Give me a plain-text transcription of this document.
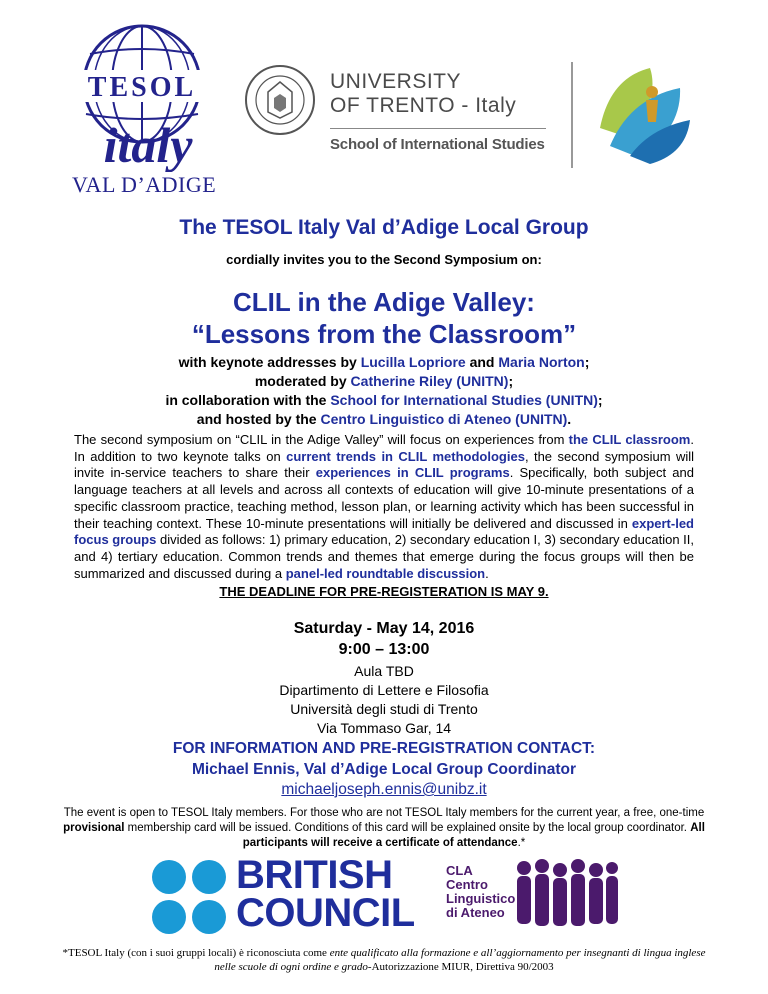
TESOL
italy
VAL D’ADIGE
UNIVERSITY
OF TRENTO - Italy
School of International Studies
The TESOL Italy Val d’Adige Local Group
cordially invites you to the Second Symposium on:
CLIL in the Adige Valley:
“Lessons from the Classroom”
with keynote addresses by Lucilla Lopriore and Maria Norton;
moderated by Catherine Riley (UNITN);
in collaboration with the School for International Studies (UNITN);
and hosted by the Centro Linguistico di Ateneo (UNITN).
The second symposium on “CLIL in the Adige Valley” will focus on experiences from the CLIL classroom. In addition to two keynote talks on current trends in CLIL methodologies, the second symposium will invite in-service teachers to share their experiences in CLIL programs. Specifically, both subject and language teachers at all levels and across all contexts of education will give 10-minute presentations of a specific classroom practice, teaching method, lesson plan, or learning activity which has been successful in their teaching context. These 10-minute presentations will initially be delivered and discussed in expert-led focus groups divided as follows: 1) primary education, 2) secondary education I, 3) secondary education II, and 4) tertiary education. Common trends and themes that emerge during the focus groups will then be summarized and discussed during a panel-led roundtable discussion.
THE DEADLINE FOR PRE-REGISTERATION IS MAY 9.
Saturday - May 14, 2016
9:00 – 13:00
Aula TBD
Dipartimento di Lettere e Filosofia
Università degli studi di Trento
Via Tommaso Gar, 14
FOR INFORMATION AND PRE-REGISTRATION CONTACT:
Michael Ennis, Val d’Adige Local Group Coordinator
michaeljoseph.ennis@unibz.it
The event is open to TESOL Italy members. For those who are not TESOL Italy members for the current year, a free, one-time provisional membership card will be issued. Conditions of this card will be explained onsite by the local group coordinator. All participants will receive a certificate of attendance.*
BRITISH
COUNCIL
CLA
Centro
Linguistico
di Ateneo
*TESOL Italy (con i suoi gruppi locali) è riconosciuta come ente qualificato alla formazione e all’aggiornamento per insegnanti di lingua inglese nelle scuole di ogni ordine e grado-Autorizzazione MIUR, Direttiva 90/2003
